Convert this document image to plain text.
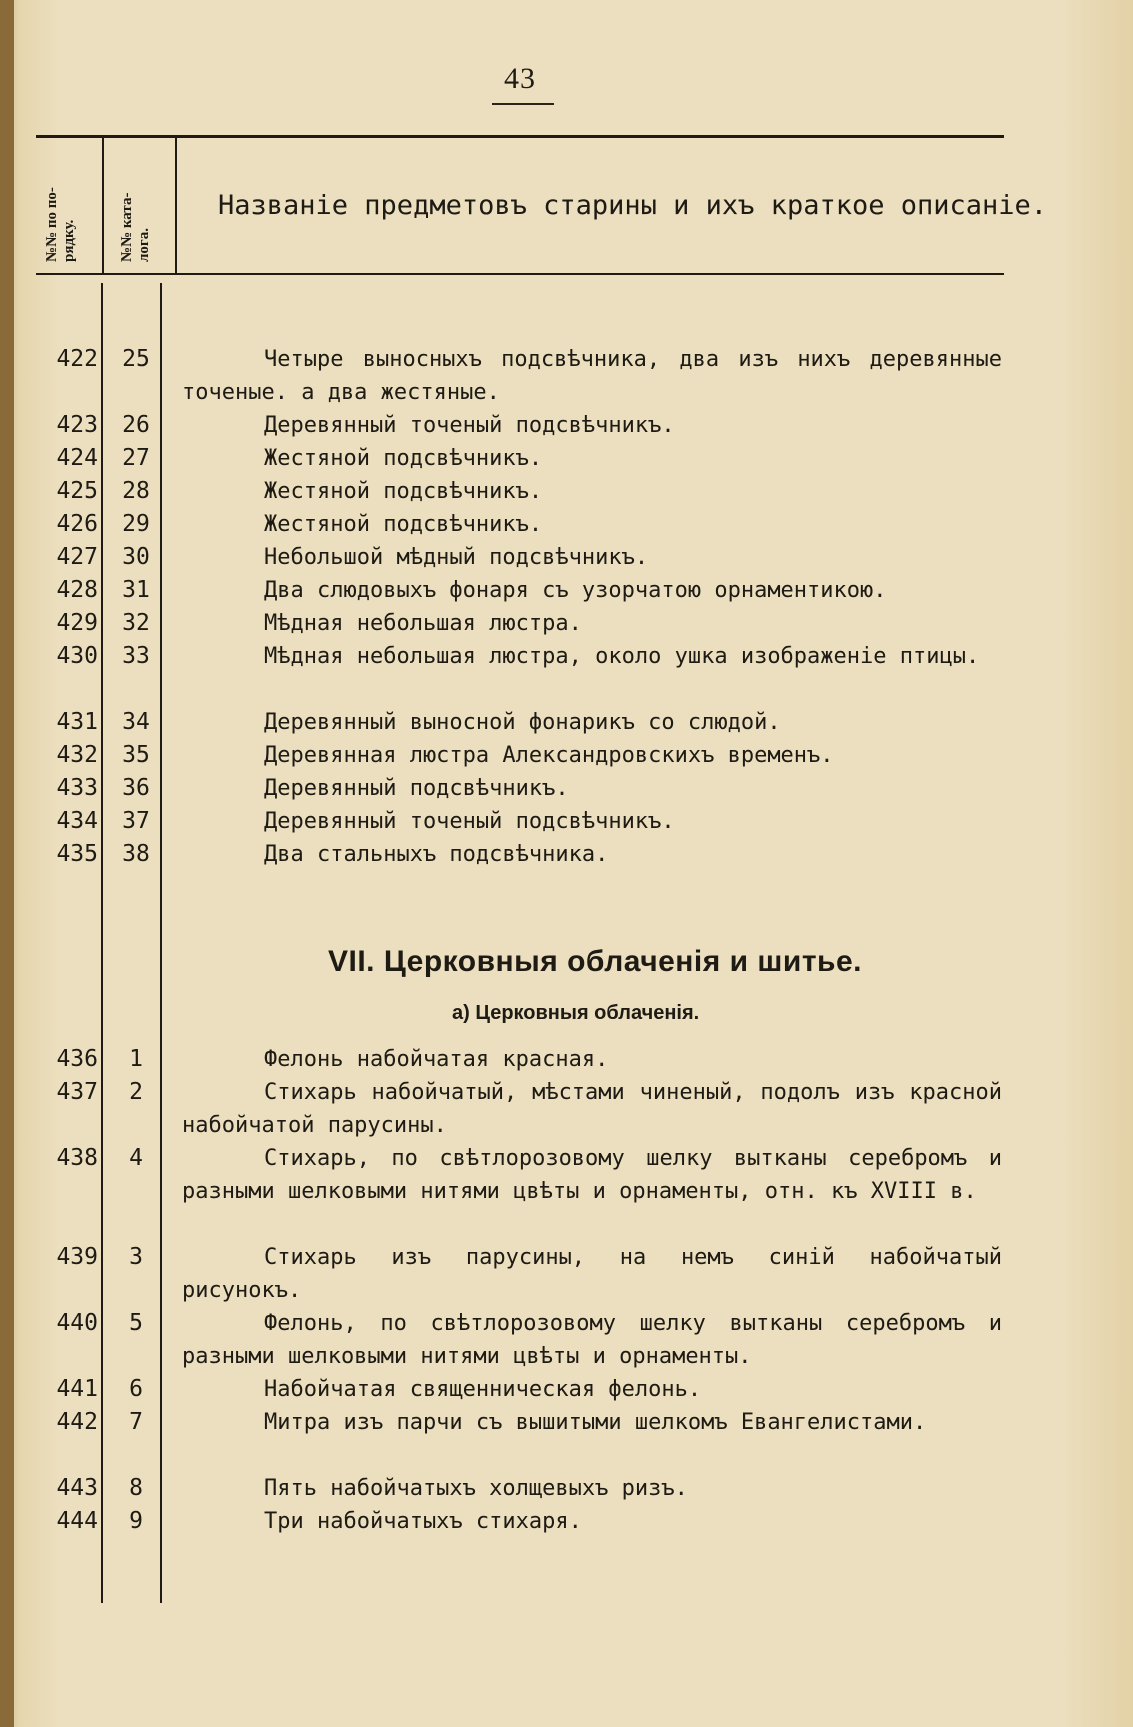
43
№№ по по- рядку.	№№ ката- лога.
Названіе предметовъ старины и ихъ краткое описаніе.
422	25	Четыре выносныхъ подсвѣчника, два изъ нихъ деревянные точеные. а два жестяные.
423	26	Деревянный точеный подсвѣчникъ.
424	27	Жестяной подсвѣчникъ.
425	28	Жестяной подсвѣчникъ.
426	29	Жестяной подсвѣчникъ.
427	30	Небольшой мѣдный подсвѣчникъ.
428	31	Два слюдовыхъ фонаря съ узорчатою орнаментикою.
429	32	Мѣдная небольшая люстра.
430	33	Мѣдная небольшая люстра, около ушка изображеніе птицы.
431	34	Деревянный выносной фонарикъ со слюдой.
432	35	Деревянная люстра Александровскихъ временъ.
433	36	Деревянный подсвѣчникъ.
434	37	Деревянный точеный подсвѣчникъ.
435	38	Два стальныхъ подсвѣчника.
VII. Церковныя облаченія и шитье.
а) Церковныя облаченія.
436	1	Фелонь набойчатая красная.
437	2	Стихарь набойчатый, мѣстами чиненый, подолъ изъ красной набойчатой парусины.
438	4	Стихарь, по свѣтлорозовому шелку вытканы серебромъ и разными шелковыми нитями цвѣты и орнаменты, отн. къ XVIII в.
439	3	Стихарь изъ парусины, на немъ синій набойчатый рисунокъ.
440	5	Фелонь, по свѣтлорозовому шелку вытканы серебромъ и разными шелковыми нитями цвѣты и орнаменты.
441	6	Набойчатая священническая фелонь.
442	7	Митра изъ парчи съ вышитыми шелкомъ Евангелистами.
443	8	Пять набойчатыхъ холщевыхъ ризъ.
444	9	Три набойчатыхъ стихаря.
